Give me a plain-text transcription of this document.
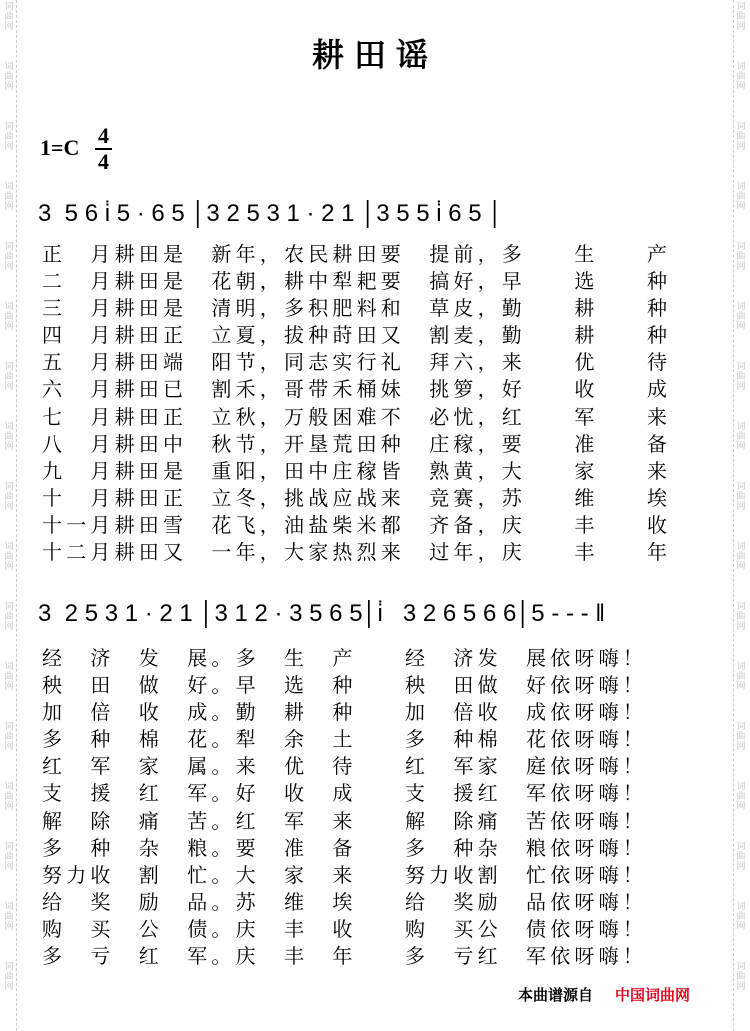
词曲网
词曲网
词曲网
词曲网
词曲网
词曲网
词曲网
词曲网
词曲网
词曲网
词曲网
词曲网
词曲网
词曲网
词曲网
词曲网
词曲网
词曲网
词曲网
词曲网
词曲网
词曲网
词曲网
词曲网
词曲网
词曲网
词曲网
词曲网
词曲网
词曲网
词曲网
词曲网
词曲网
词曲网
耕田谣
$1=C \frac{4}{4}$
3  5 6 i̇ 5 · 6 5 │3 2 5 3 1 · 2 1 │3 5 5 i̇ 6 5 │
正　月耕田是　新年，农民耕田要　提前，多　　生　　产
二　月耕田是　花朝，耕中犁耙要　搞好，早　　选　　种
三　月耕田是　清明，多积肥料和　草皮，勤　　耕　　种
四　月耕田正　立夏，拔种莳田又　割麦，勤　　耕　　种
五　月耕田端　阳节，同志实行礼　拜六，来　　优　　待
六　月耕田已　割禾，哥带禾桶妹　挑箩，好　　收　　成
七　月耕田正　立秋，万般困难不　必忧，红　　军　　来
八　月耕田中　秋节，开垦荒田种　庄稼，要　　准　　备
九　月耕田是　重阳，田中庄稼皆　熟黄，大　　家　　来
十　月耕田正　立冬，挑战应战来　竞赛，苏　　维　　埃
十一月耕田雪　花飞，油盐柴米都　齐备，庆　　丰　　收
十二月耕田又　一年，大家热烈来　过年，庆　　丰　　年
3  2 5 3 1 · 2 1 │3 1 2 · 3 5 6 5│i̇   3 2 6 5 6 6│5 - - - ‖
经　济　发　展。多　生　产　　经　济发　展依呀嗨！
秧　田　做　好。早　选　种　　秧　田做　好依呀嗨！
加　倍　收　成。勤　耕　种　　加　倍收　成依呀嗨！
多　种　棉　花。犁　余　土　　多　种棉　花依呀嗨！
红　军　家　属。来　优　待　　红　军家　庭依呀嗨！
支　援　红　军。好　收　成　　支　援红　军依呀嗨！
解　除　痛　苦。红　军　来　　解　除痛　苦依呀嗨！
多　种　杂　粮。要　准　备　　多　种杂　粮依呀嗨！
努力收　割　忙。大　家　来　　努力收割　忙依呀嗨！
给　奖　励　品。苏　维　埃　　给　奖励　品依呀嗨！
购　买　公　债。庆　丰　收　　购　买公　债依呀嗨！
多　亏　红　军。庆　丰　年　　多　亏红　军依呀嗨！
本曲谱源自 中国词曲网
